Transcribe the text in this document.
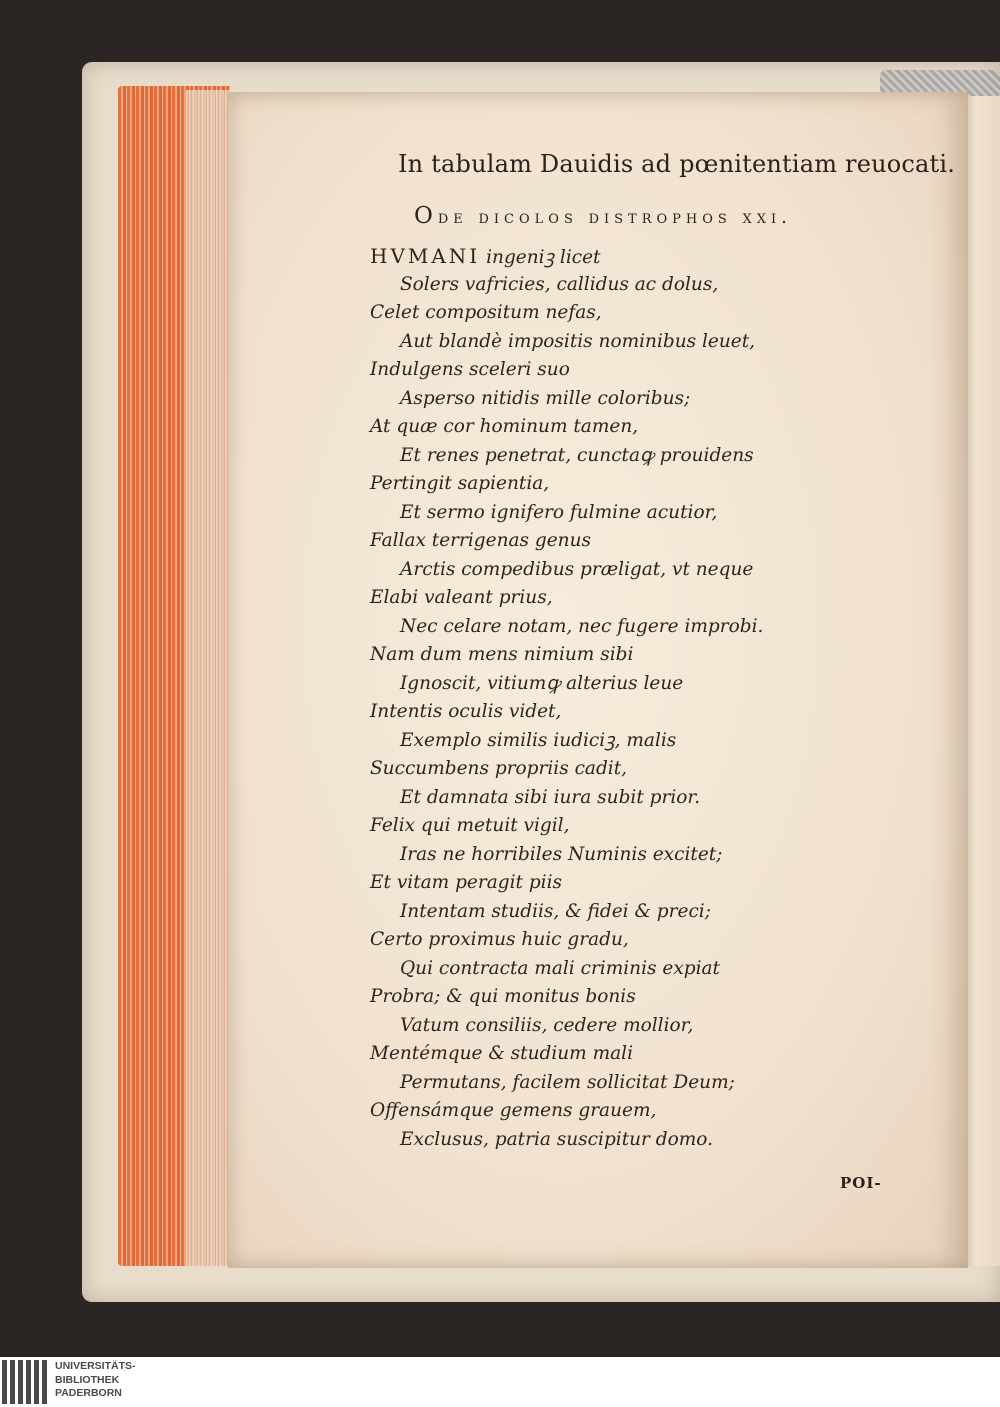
In tabulam Dauidis ad pœnitentiam reuocati.
Ode dicolos distrophos xxi.
HVMANI ingeniꝫ licet
Solers vafricies, callidus ac dolus,
Celet compositum nefas,
Aut blandè impositis nominibus leuet,
Indulgens sceleri suo
Asperso nitidis mille coloribus;
At quæ cor hominum tamen,
Et renes penetrat, cunctaꝙ prouidens
Pertingit sapientia,
Et sermo ignifero fulmine acutior,
Fallax terrigenas genus
Arctis compedibus præligat, vt neque
Elabi valeant prius,
Nec celare notam, nec fugere improbi.
Nam dum mens nimium sibi
Ignoscit, vitiumꝙ alterius leue
Intentis oculis videt,
Exemplo similis iudiciꝫ, malis
Succumbens propriis cadit,
Et damnata sibi iura subit prior.
Felix qui metuit vigil,
Iras ne horribiles Numinis excitet;
Et vitam peragit piis
Intentam studiis, & fidei & preci;
Certo proximus huic gradu,
Qui contracta mali criminis expiat
Probra; & qui monitus bonis
Vatum consiliis, cedere mollior,
Mentémque & studium mali
Permutans, facilem sollicitat Deum;
Offensámque gemens grauem,
Exclusus, patria suscipitur domo.
POI-
UNIVERSITÄTS-
BIBLIOTHEK
PADERBORN
